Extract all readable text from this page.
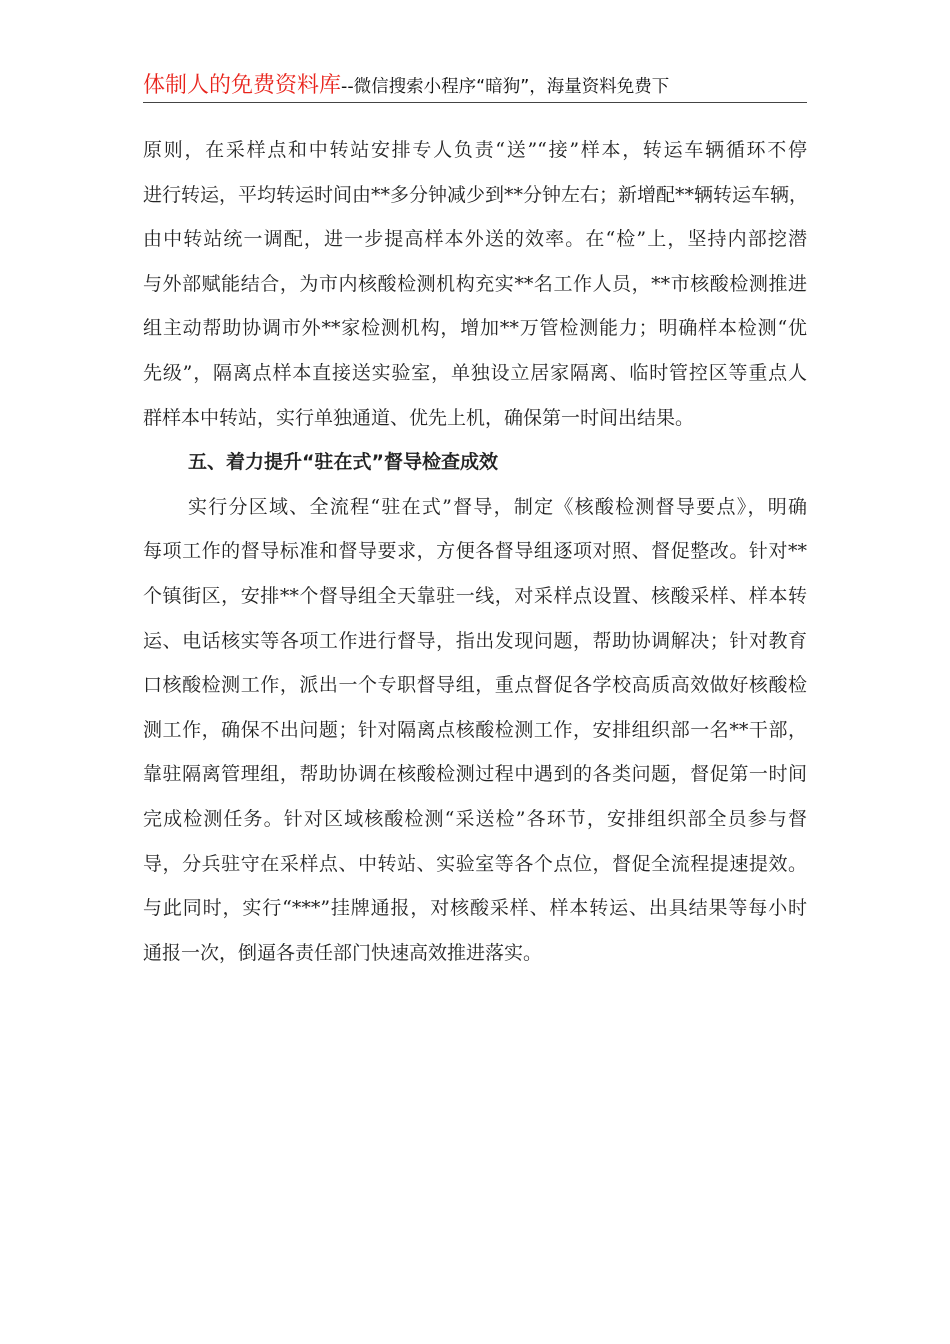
体制人的免费资料库--微信搜索小程序“暗狗”，海量资料免费下
原则，在采样点和中转站安排专人负责“送”“接”样本，转运车辆循环不停
进行转运，平均转运时间由**多分钟减少到**分钟左右；新增配**辆转运车辆，
由中转站统一调配，进一步提高样本外送的效率。在“检”上，坚持内部挖潜
与外部赋能结合，为市内核酸检测机构充实**名工作人员，**市核酸检测推进
组主动帮助协调市外**家检测机构，增加**万管检测能力；明确样本检测“优
先级”，隔离点样本直接送实验室，单独设立居家隔离、临时管控区等重点人
群样本中转站，实行单独通道、优先上机，确保第一时间出结果。
五、着力提升“驻在式”督导检查成效
实行分区域、全流程“驻在式”督导，制定《核酸检测督导要点》，明确
每项工作的督导标准和督导要求，方便各督导组逐项对照、督促整改。针对**
个镇街区，安排**个督导组全天靠驻一线，对采样点设置、核酸采样、样本转
运、电话核实等各项工作进行督导，指出发现问题，帮助协调解决；针对教育
口核酸检测工作，派出一个专职督导组，重点督促各学校高质高效做好核酸检
测工作，确保不出问题；针对隔离点核酸检测工作，安排组织部一名**干部，
靠驻隔离管理组，帮助协调在核酸检测过程中遇到的各类问题，督促第一时间
完成检测任务。针对区域核酸检测“采送检”各环节，安排组织部全员参与督
导，分兵驻守在采样点、中转站、实验室等各个点位，督促全流程提速提效。
与此同时，实行“***”挂牌通报，对核酸采样、样本转运、出具结果等每小时
通报一次，倒逼各责任部门快速高效推进落实。
